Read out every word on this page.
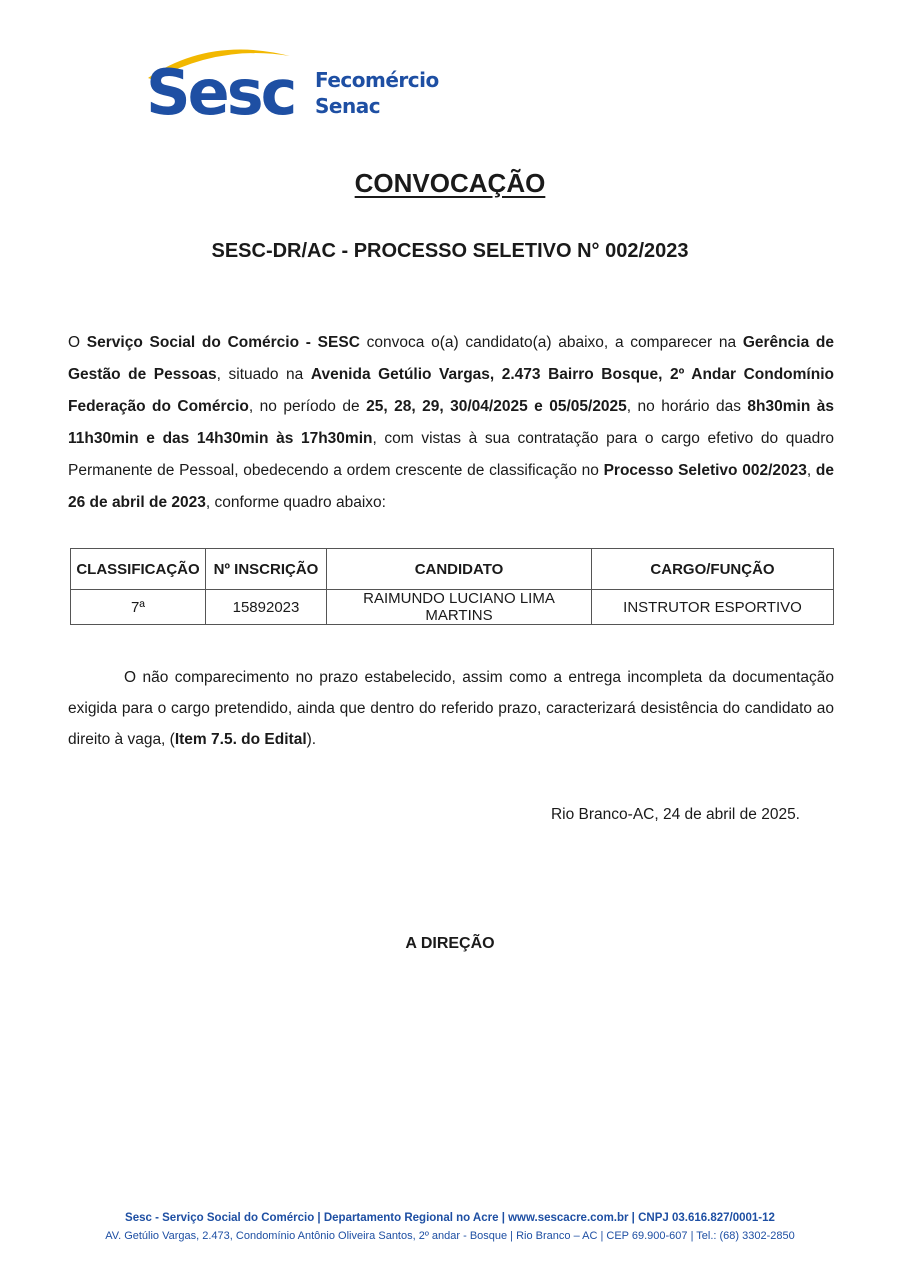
Sesc Fecomércio
Senac
CONVOCAÇÃO
SESC-DR/AC - PROCESSO SELETIVO N° 002/2023
O Serviço Social do Comércio - SESC convoca o(a) candidato(a) abaixo, a comparecer na Gerência de Gestão de Pessoas, situado na Avenida Getúlio Vargas, 2.473 Bairro Bosque, 2º Andar Condomínio Federação do Comércio, no período de 25, 28, 29, 30/04/2025 e 05/05/2025, no horário das 8h30min às 11h30min e das 14h30min às 17h30min, com vistas à sua contratação para o cargo efetivo do quadro Permanente de Pessoal, obedecendo a ordem crescente de classificação no Processo Seletivo 002/2023, de 26 de abril de 2023, conforme quadro abaixo:
CLASSIFICAÇÃO	Nº INSCRIÇÃO	CANDIDATO	CARGO/FUNÇÃO
7ª	15892023	RAIMUNDO LUCIANO LIMA MARTINS	INSTRUTOR ESPORTIVO
O não comparecimento no prazo estabelecido, assim como a entrega incompleta da documentação exigida para o cargo pretendido, ainda que dentro do referido prazo, caracterizará desistência do candidato ao direito à vaga, (Item 7.5. do Edital).
Rio Branco-AC, 24 de abril de 2025.
A DIREÇÃO
Sesc - Serviço Social do Comércio | Departamento Regional no Acre | www.sescacre.com.br | CNPJ 03.616.827/0001-12
AV. Getúlio Vargas, 2.473, Condomínio Antônio Oliveira Santos, 2º andar - Bosque | Rio Branco – AC | CEP 69.900-607 | Tel.: (68) 3302-2850
